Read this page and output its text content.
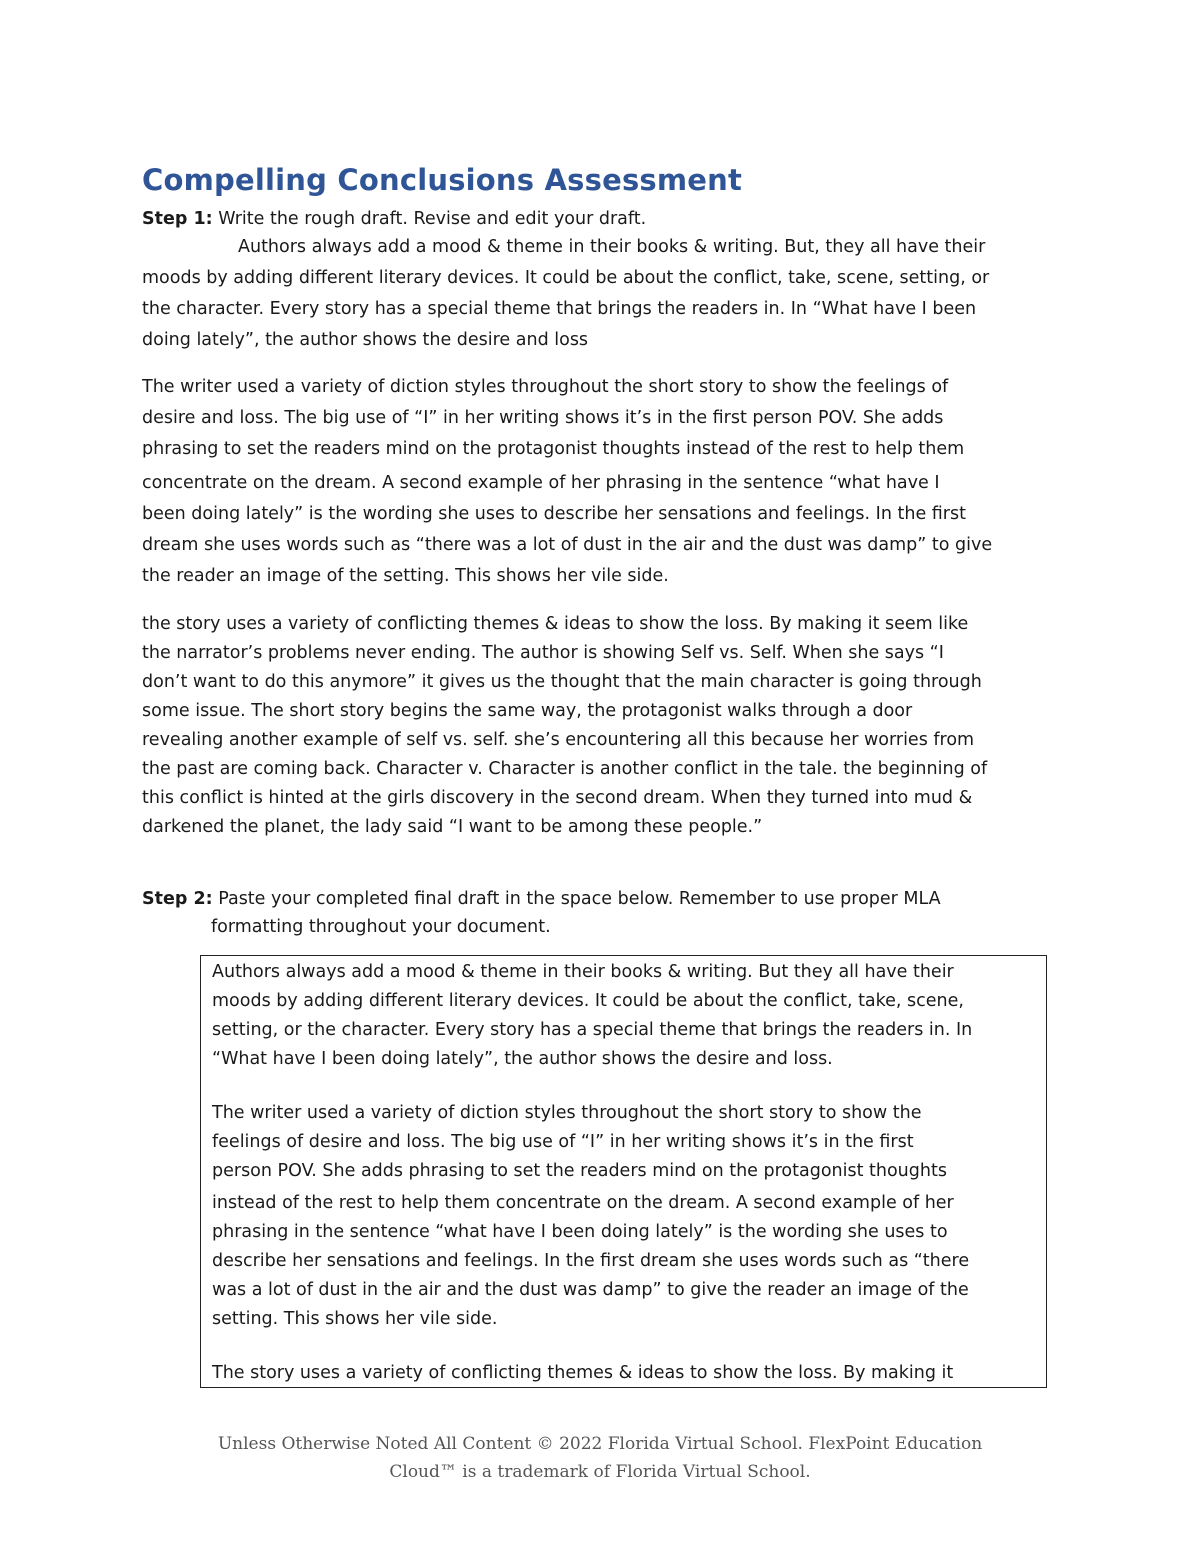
Compelling Conclusions Assessment
Step 1: Write the rough draft. Revise and edit your draft.
Authors always add a mood & theme in their books & writing. But, they all have their
moods by adding different literary devices. It could be about the conflict, take, scene, setting, or
the character. Every story has a special theme that brings the readers in. In “What have I been
doing lately”, the author shows the desire and loss
The writer used a variety of diction styles throughout the short story to show the feelings of
desire and loss. The big use of “I” in her writing shows it’s in the first person POV. She adds
phrasing to set the readers mind on the protagonist thoughts instead of the rest to help them
concentrate on the dream. A second example of her phrasing in the sentence “what have I
been doing lately” is the wording she uses to describe her sensations and feelings. In the first
dream she uses words such as “there was a lot of dust in the air and the dust was damp” to give
the reader an image of the setting. This shows her vile side.
the story uses a variety of conflicting themes & ideas to show the loss. By making it seem like
the narrator’s problems never ending. The author is showing Self vs. Self. When she says “I
don’t want to do this anymore” it gives us the thought that the main character is going through
some issue. The short story begins the same way, the protagonist walks through a door
revealing another example of self vs. self. she’s encountering all this because her worries from
the past are coming back. Character v. Character is another conflict in the tale. the beginning of
this conflict is hinted at the girls discovery in the second dream. When they turned into mud &
darkened the planet, the lady said “I want to be among these people.”
Step 2: Paste your completed final draft in the space below. Remember to use proper MLA
formatting throughout your document.
Authors always add a mood & theme in their books & writing. But they all have their
moods by adding different literary devices. It could be about the conflict, take, scene,
setting, or the character. Every story has a special theme that brings the readers in. In
“What have I been doing lately”, the author shows the desire and loss.
The writer used a variety of diction styles throughout the short story to show the
feelings of desire and loss. The big use of “I” in her writing shows it’s in the first
person POV. She adds phrasing to set the readers mind on the protagonist thoughts
instead of the rest to help them concentrate on the dream. A second example of her
phrasing in the sentence “what have I been doing lately” is the wording she uses to
describe her sensations and feelings. In the first dream she uses words such as “there
was a lot of dust in the air and the dust was damp” to give the reader an image of the
setting. This shows her vile side.
The story uses a variety of conflicting themes & ideas to show the loss. By making it
Unless Otherwise Noted All Content © 2022 Florida Virtual School. FlexPoint Education
Cloud™ is a trademark of Florida Virtual School.
